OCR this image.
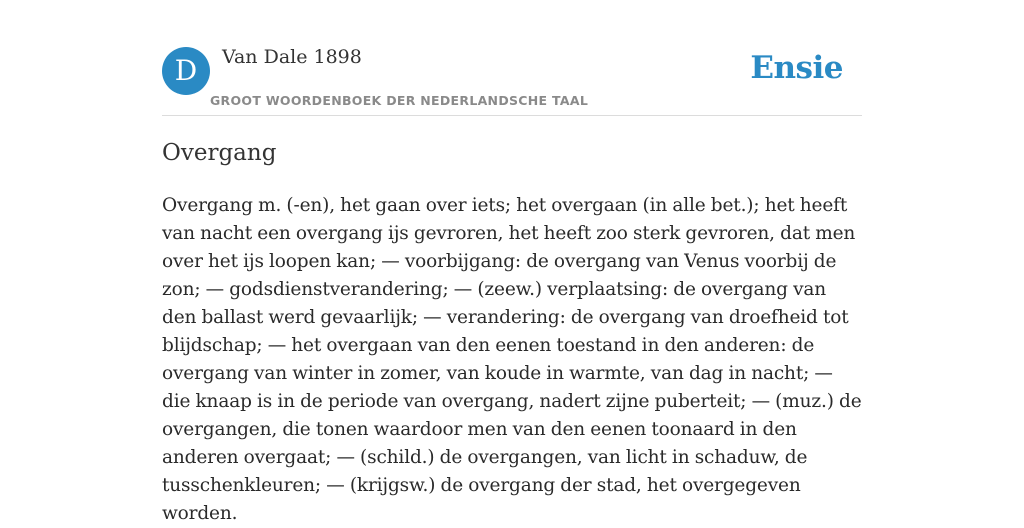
D Van Dale 1898
GROOT WOORDENBOEK DER NEDERLANDSCHE TAAL
Ensie
Overgang

Overgang m. (-en), het gaan over iets; het overgaan (in alle bet.); het heeft van nacht een overgang ijs gevroren, het heeft zoo sterk gevroren, dat men over het ijs loopen kan; — voorbijgang: de overgang van Venus voorbij de zon; — godsdienstverandering; — (zeew.) verplaatsing: de overgang van den ballast werd gevaarlijk; — verandering: de overgang van droefheid tot blijdschap; — het overgaan van den eenen toestand in den anderen: de overgang van winter in zomer, van koude in warmte, van dag in nacht; — die knaap is in de periode van overgang, nadert zijne puberteit; — (muz.) de overgangen, die tonen waardoor men van den eenen toonaard in den anderen overgaat; — (schild.) de overgangen, van licht in schaduw, de tusschenkleuren; — (krijgsw.) de overgang der stad, het overgegeven worden.
